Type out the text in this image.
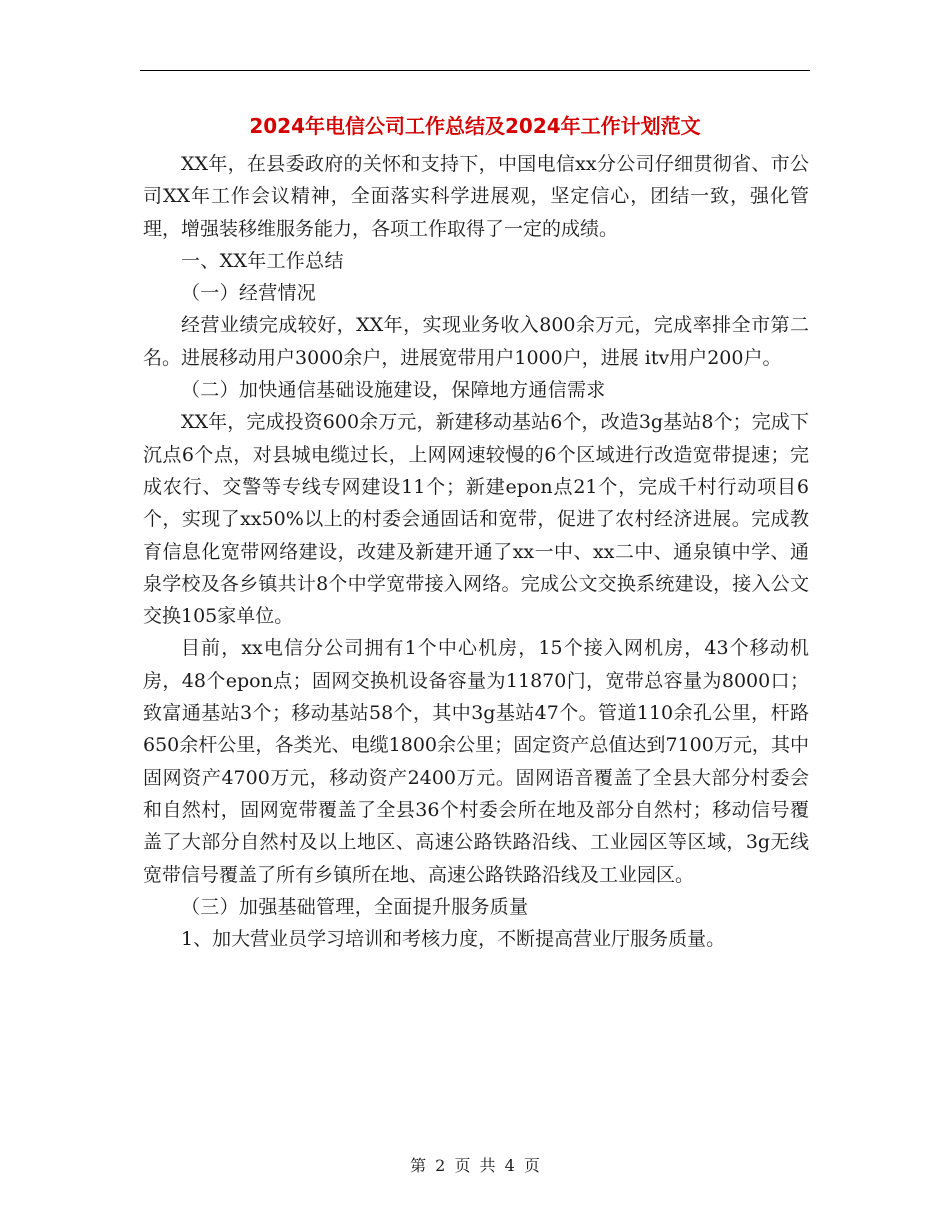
2024年电信公司工作总结及2024年工作计划范文

XX年，在县委政府的关怀和支持下，中国电信xx分公司仔细贯彻省、市公司XX年工作会议精神，全面落实科学进展观，坚定信心，团结一致，强化管理，增强装移维服务能力，各项工作取得了一定的成绩。

一、XX年工作总结

（一）经营情况

经营业绩完成较好，XX年，实现业务收入800余万元，完成率排全市第二名。进展移动用户3000余户，进展宽带用户1000户，进展 itv用户200户。

（二）加快通信基础设施建设，保障地方通信需求

XX年，完成投资600余万元，新建移动基站6个，改造3g基站8个；完成下沉点6个点，对县城电缆过长，上网网速较慢的6个区域进行改造宽带提速；完成农行、交警等专线专网建设11个；新建epon点21个，完成千村行动项目6个，实现了xx50%以上的村委会通固话和宽带，促进了农村经济进展。完成教育信息化宽带网络建设，改建及新建开通了xx一中、xx二中、通泉镇中学、通泉学校及各乡镇共计8个中学宽带接入网络。完成公文交换系统建设，接入公文交换105家单位。

目前，xx电信分公司拥有1个中心机房，15个接入网机房，43个移动机房，48个epon点；固网交换机设备容量为11870门，宽带总容量为8000口；致富通基站3个；移动基站58个，其中3g基站47个。管道110余孔公里，杆路650余杆公里，各类光、电缆1800余公里；固定资产总值达到7100万元，其中固网资产4700万元，移动资产2400万元。固网语音覆盖了全县大部分村委会和自然村，固网宽带覆盖了全县36个村委会所在地及部分自然村；移动信号覆盖了大部分自然村及以上地区、高速公路铁路沿线、工业园区等区域，3g无线宽带信号覆盖了所有乡镇所在地、高速公路铁路沿线及工业园区。

（三）加强基础管理，全面提升服务质量

1、加大营业员学习培训和考核力度，不断提高营业厅服务质量。

第 2 页 共 4 页
